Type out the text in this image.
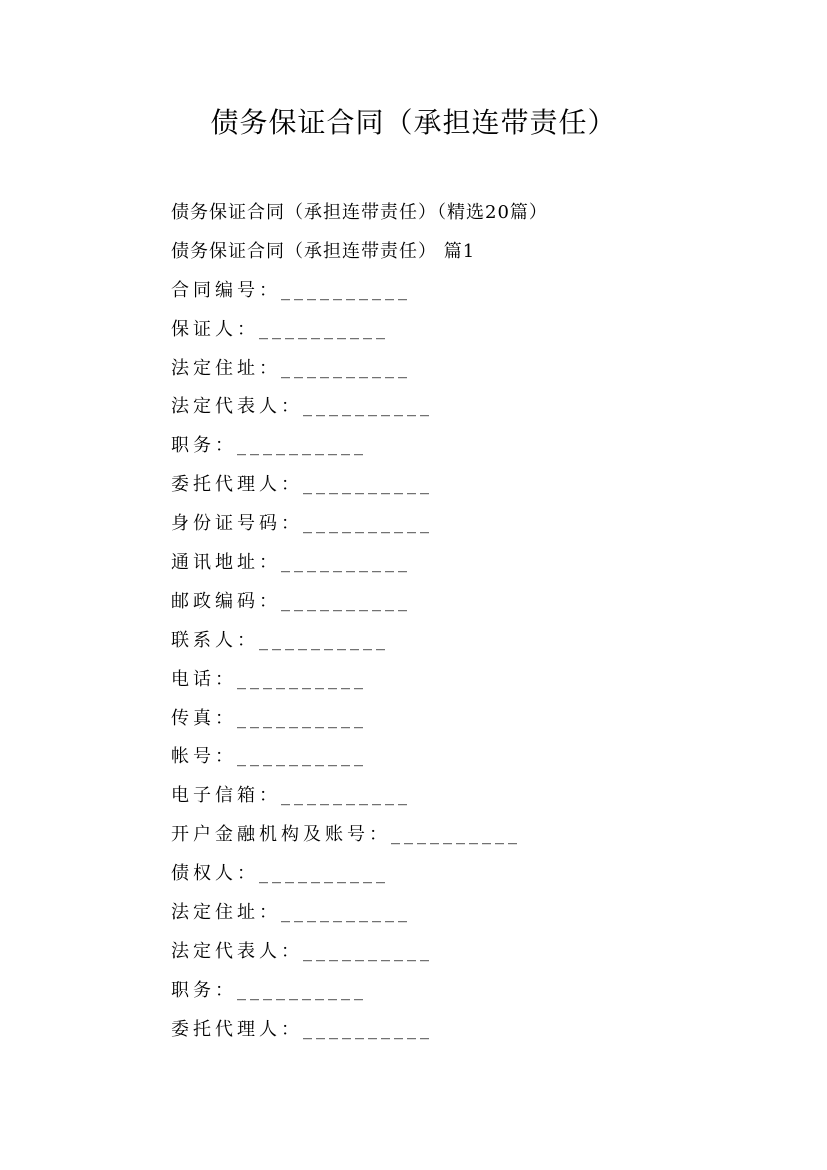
债务保证合同（承担连带责任）
债务保证合同（承担连带责任）（精选20篇）
债务保证合同（承担连带责任） 篇1
合同编号：__________
保证人：__________
法定住址：__________
法定代表人：__________
职务：__________
委托代理人：__________
身份证号码：__________
通讯地址：__________
邮政编码：__________
联系人：__________
电话：__________
传真：__________
帐号：__________
电子信箱：__________
开户金融机构及账号：__________
债权人：__________
法定住址：__________
法定代表人：__________
职务：__________
委托代理人：__________
